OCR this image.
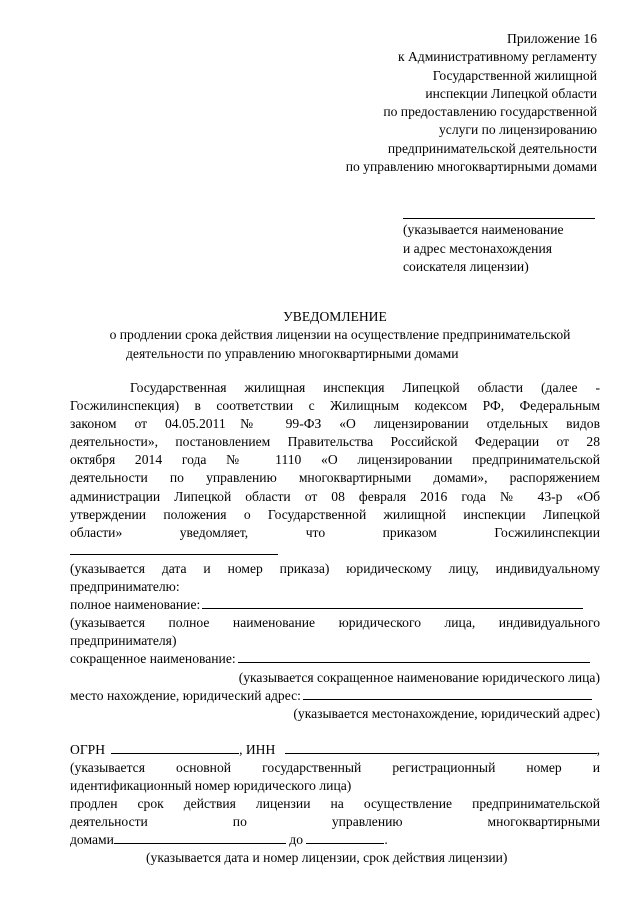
Приложение 16
к Административному регламенту
Государственной жилищной
инспекции Липецкой области
по предоставлению государственной
услуги по лицензированию
предпринимательской деятельности
по управлению многоквартирными домами
(указывается наименование
и адрес местонахождения
соискателя лицензии)
УВЕДОМЛЕНИЕ
о продлении срока действия лицензии на осуществление предпринимательской
деятельности по управлению многоквартирными домами
Государственная жилищная инспекция Липецкой области (далее -
Госжилинспекция) в соответствии с Жилищным кодексом РФ, Федеральным
законом от 04.05.2011№ 99-ФЗ «О лицензировании отдельных видов
деятельности», постановлением Правительства Российской Федерации от 28
октября 2014 года № 1110 «О лицензировании предпринимательской
деятельности по управлению многоквартирными домами», распоряжением
администрации Липецкой области от 08 февраля 2016 года № 43-р «Об
утверждении положения о Государственной жилищной инспекции Липецкой
области» уведомляет, что приказом Госжилинспекции
(указывается дата и номер приказа) юридическому лицу, индивидуальному
предпринимателю:
полное наименование:
(указывается полное наименование юридического лица, индивидуального
предпринимателя)
сокращенное наименование:
(указывается сокращенное наименование юридического лица)
место нахождение, юридический адрес:
(указывается местонахождение, юридический адрес)
ОГРН	, ИНН	,
(указывается основной государственный регистрационный номер и
идентификационный номер юридического лица)
продлен срок действия лицензии на осуществление предпринимательской
деятельности по управлению многоквартирными
домами	до	.
(указывается дата и номер лицензии, срок действия лицензии)
